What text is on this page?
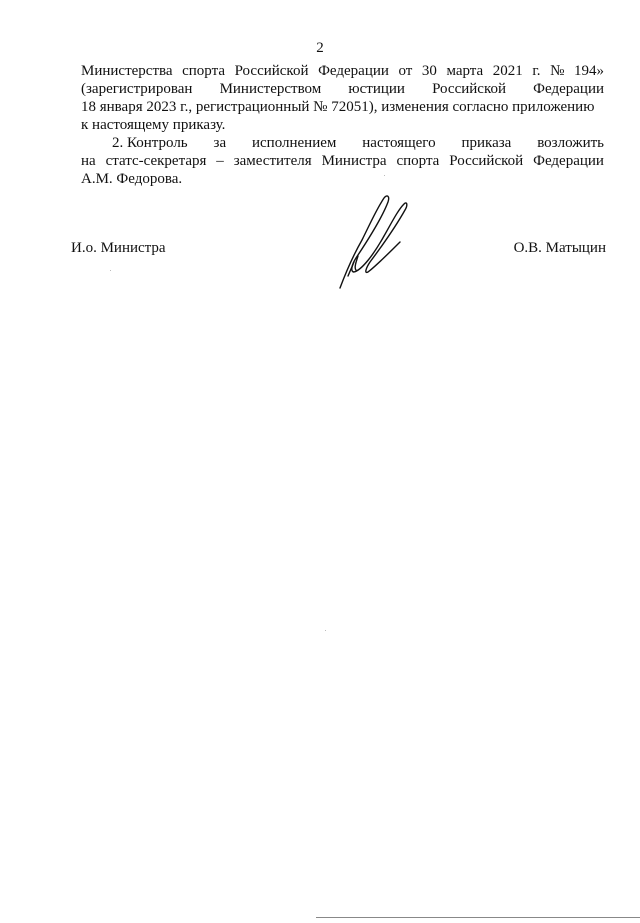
2
Министерства спорта Российской Федерации от 30 марта 2021 г. № 194»
(зарегистрирован Министерством юстиции Российской Федерации
18 января 2023 г., регистрационный № 72051), изменения согласно приложению
к настоящему приказу.
2. Контроль за исполнением настоящего приказа возложить
на статс-секретаря – заместителя Министра спорта Российской Федерации
А.М. Федорова.
И.о. Министра	О.В. Матыцин
